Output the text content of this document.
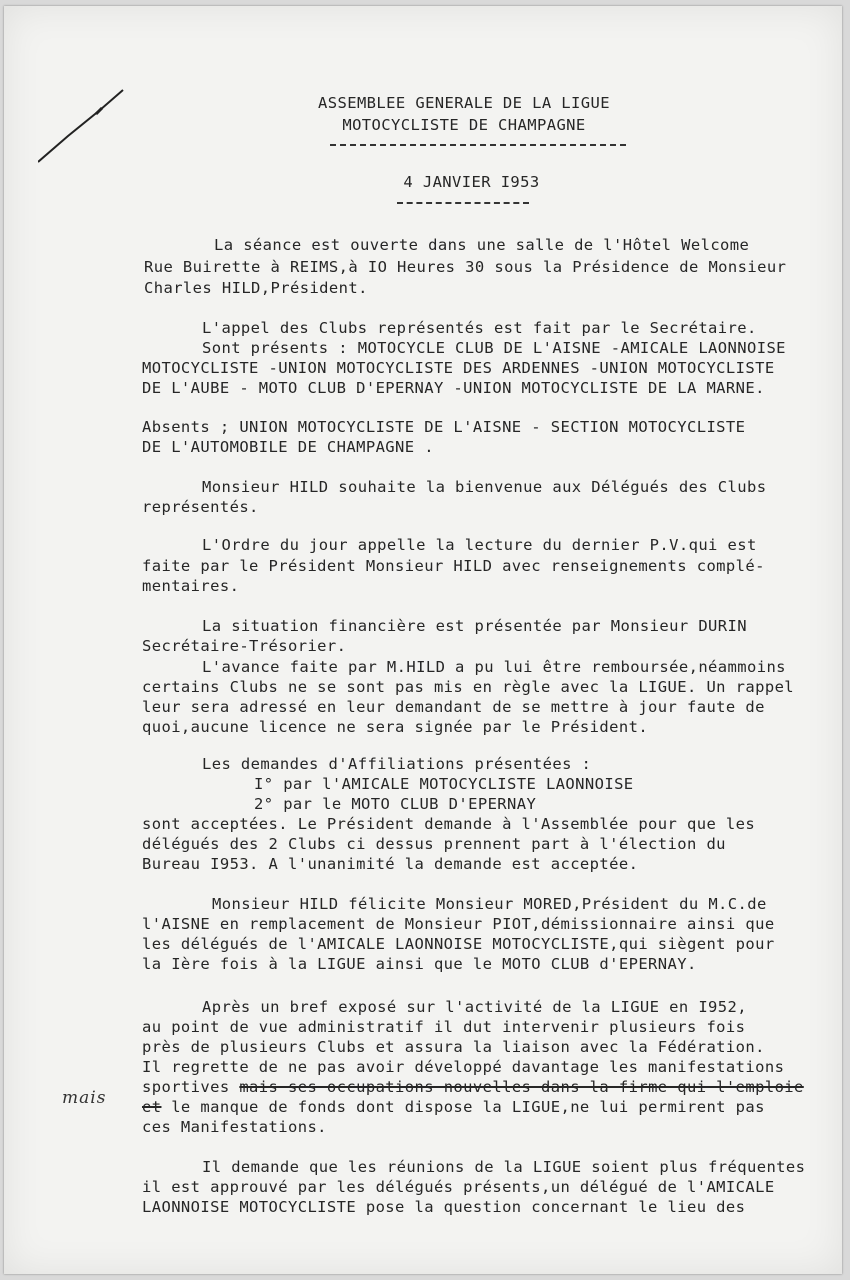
ASSEMBLEE GENERALE DE LA LIGUE
MOTOCYCLISTE DE CHAMPAGNE
4 JANVIER I953
La séance est ouverte dans une salle de l'Hôtel Welcome
Rue Buirette à REIMS,à IO Heures 30 sous la Présidence de Monsieur
Charles HILD,Président.
L'appel des Clubs représentés est fait par le Secrétaire.
Sont présents : MOTOCYCLE CLUB DE L'AISNE -AMICALE LAONNOISE
MOTOCYCLISTE -UNION MOTOCYCLISTE DES ARDENNES -UNION MOTOCYCLISTE
DE L'AUBE - MOTO CLUB D'EPERNAY -UNION MOTOCYCLISTE DE LA MARNE.
Absents ; UNION MOTOCYCLISTE DE L'AISNE - SECTION MOTOCYCLISTE
DE L'AUTOMOBILE DE CHAMPAGNE .
Monsieur HILD souhaite la bienvenue aux Délégués des Clubs
représentés.
L'Ordre du jour appelle la lecture du dernier P.V.qui est
faite par le Président Monsieur HILD avec renseignements complé-
mentaires.
La situation financière est présentée par Monsieur DURIN
Secrétaire-Trésorier.
L'avance faite par M.HILD a pu lui être remboursée,néammoins
certains Clubs ne se sont pas mis en règle avec la LIGUE. Un rappel
leur sera adressé en leur demandant de se mettre à jour faute de
quoi,aucune licence ne sera signée par le Président.
Les demandes d'Affiliations présentées :
I° par l'AMICALE MOTOCYCLISTE LAONNOISE
2° par le MOTO CLUB D'EPERNAY
sont acceptées. Le Président demande à l'Assemblée pour que les
délégués des 2 Clubs ci dessus prennent part à l'élection du
Bureau I953. A l'unanimité la demande est acceptée.
Monsieur HILD félicite Monsieur MORED,Président du M.C.de
l'AISNE en remplacement de Monsieur PIOT,démissionnaire ainsi que
les délégués de l'AMICALE LAONNOISE MOTOCYCLISTE,qui siègent pour
la Ière fois à la LIGUE ainsi que le MOTO CLUB d'EPERNAY.
Après un bref exposé sur l'activité de la LIGUE en I952,
au point de vue administratif il dut intervenir plusieurs fois
près de plusieurs Clubs et assura la liaison avec la Fédération.
Il regrette de ne pas avoir développé davantage les manifestations
sportives mais ses occupations nouvelles dans la firme qui l'emploie
et le manque de fonds dont dispose la LIGUE,ne lui permirent pas
ces Manifestations.
mais
Il demande que les réunions de la LIGUE soient plus fréquentes
il est approuvé par les délégués présents,un délégué de l'AMICALE
LAONNOISE MOTOCYCLISTE pose la question concernant le lieu des
